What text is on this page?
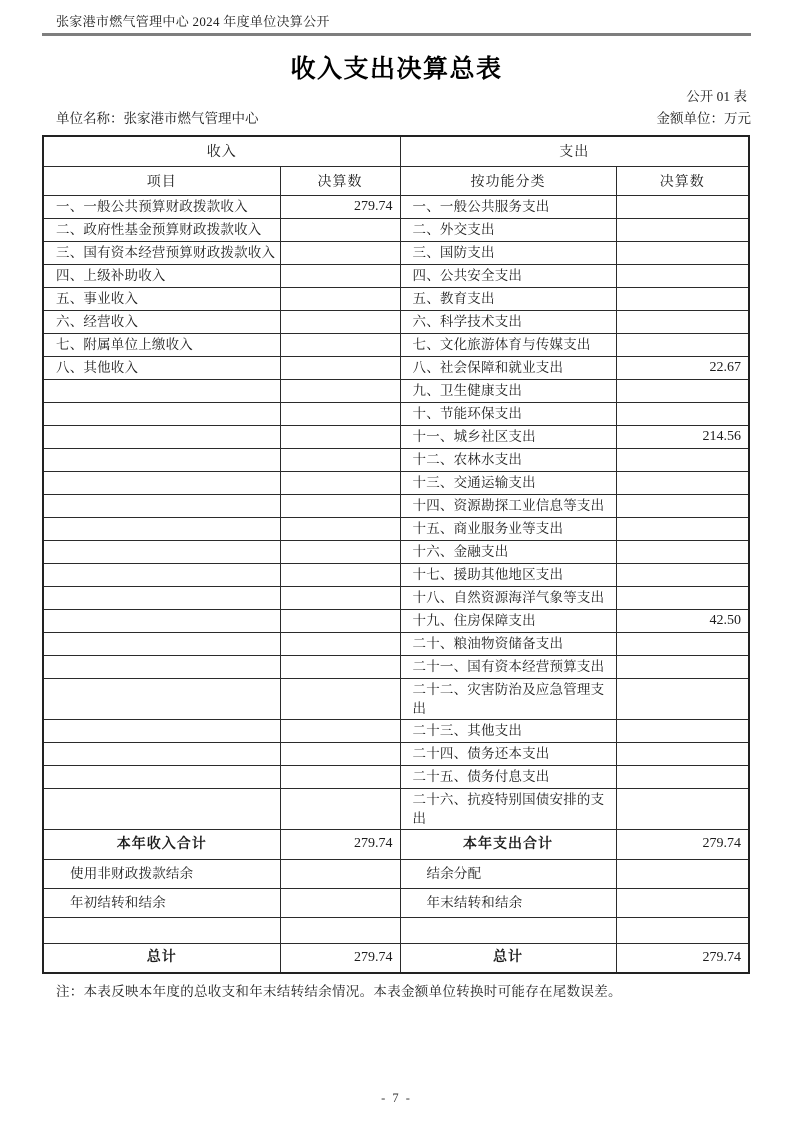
张家港市燃气管理中心 2024 年度单位决算公开
收入支出决算总表
公开 01 表
单位名称：张家港市燃气管理中心	金额单位：万元
收入		支出	
项目	决算数	按功能分类	决算数
一、一般公共预算财政拨款收入	279.74	一、一般公共服务支出	
二、政府性基金预算财政拨款收入		二、外交支出	
三、国有资本经营预算财政拨款收入		三、国防支出	
四、上级补助收入		四、公共安全支出	
五、事业收入		五、教育支出	
六、经营收入		六、科学技术支出	
七、附属单位上缴收入		七、文化旅游体育与传媒支出	
八、其他收入		八、社会保障和就业支出	22.67
		九、卫生健康支出	
		十、节能环保支出	
		十一、城乡社区支出	214.56
		十二、农林水支出	
		十三、交通运输支出	
		十四、资源勘探工业信息等支出	
		十五、商业服务业等支出	
		十六、金融支出	
		十七、援助其他地区支出	
		十八、自然资源海洋气象等支出	
		十九、住房保障支出	42.50
		二十、粮油物资储备支出	
		二十一、国有资本经营预算支出	
		二十二、灾害防治及应急管理支出	
		二十三、其他支出	
		二十四、债务还本支出	
		二十五、债务付息支出	
		二十六、抗疫特别国债安排的支出	
本年收入合计	279.74	本年支出合计	279.74
使用非财政拨款结余		结余分配	
年初结转和结余		年末结转和结余	

总计	279.74	总计	279.74
注：本表反映本年度的总收支和年末结转结余情况。本表金额单位转换时可能存在尾数误差。
- 7 -
